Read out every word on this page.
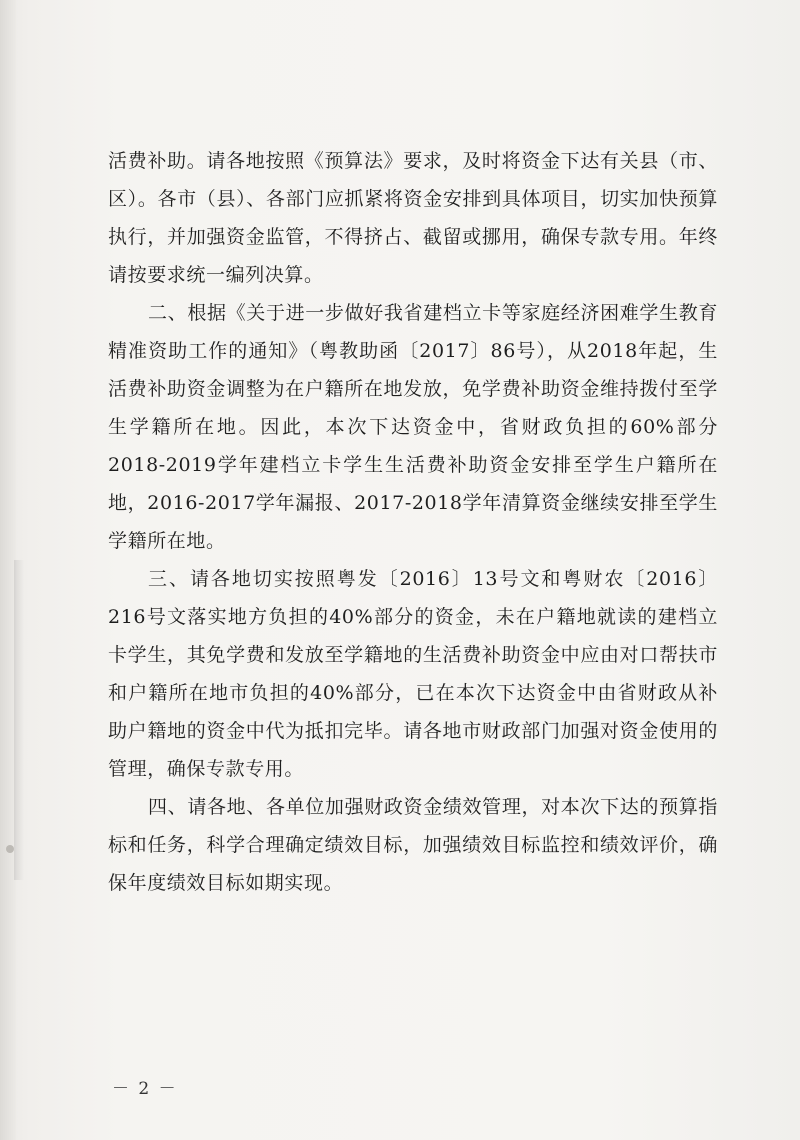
活费补助。请各地按照《预算法》要求，及时将资金下达有关县（市、区）。各市（县）、各部门应抓紧将资金安排到具体项目，切实加快预算执行，并加强资金监管，不得挤占、截留或挪用，确保专款专用。年终请按要求统一编列决算。

二、根据《关于进一步做好我省建档立卡等家庭经济困难学生教育精准资助工作的通知》（粤教助函〔2017〕86号），从2018年起，生活费补助资金调整为在户籍所在地发放，免学费补助资金维持拨付至学生学籍所在地。因此，本次下达资金中，省财政负担的60%部分2018-2019学年建档立卡学生生活费补助资金安排至学生户籍所在地，2016-2017学年漏报、2017-2018学年清算资金继续安排至学生学籍所在地。

三、请各地切实按照粤发〔2016〕13号文和粤财农〔2016〕216号文落实地方负担的40%部分的资金，未在户籍地就读的建档立卡学生，其免学费和发放至学籍地的生活费补助资金中应由对口帮扶市和户籍所在地市负担的40%部分，已在本次下达资金中由省财政从补助户籍地的资金中代为抵扣完毕。请各地市财政部门加强对资金使用的管理，确保专款专用。

四、请各地、各单位加强财政资金绩效管理，对本次下达的预算指标和任务，科学合理确定绩效目标，加强绩效目标监控和绩效评价，确保年度绩效目标如期实现。

－ 2 －
